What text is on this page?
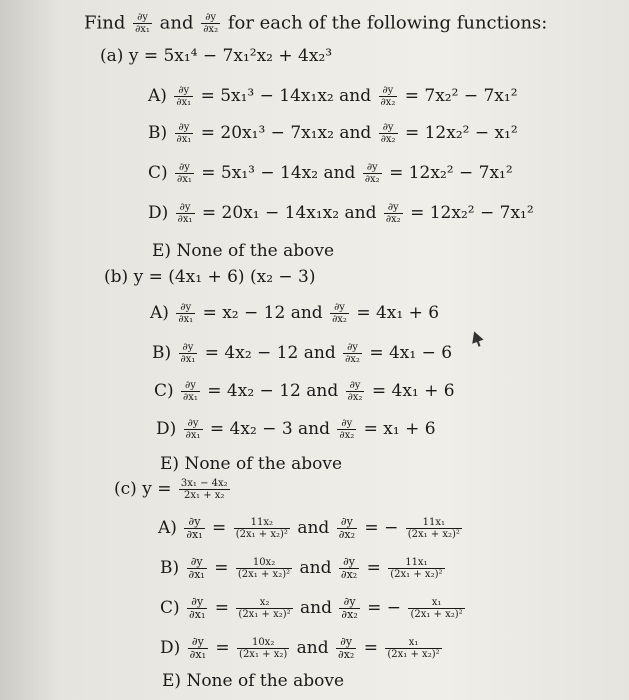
Find $\frac{\partial y}{\text{∂x₁}}$ and $\frac{\partial y}{\text{∂x₂}}$ for each of the following functions:
(a) y = 5x₁⁴ − 7x₁²x₂ + 4x₂³
$A) \frac{\partial y}{\text{∂x₁}} = 5x_1^3 - 14x_1x_2$ and $\frac{\partial y}{\text{∂x₂}} = 7x_2^2 - 7x_1^2$
$B) \frac{\partial y}{\text{∂x₁}} = 20x_1^3 - 7x_1x_2$ and $\frac{\partial y}{\text{∂x₂}} = 12x_2^2 - x_1^2$
$C) \frac{\partial y}{\text{∂x₁}} = 5x_1^3 - 14x_2$ and $\frac{\partial y}{\text{∂x₂}} = 12x_2^2 - 7x_1^2$
$D) \frac{\partial y}{\text{∂x₁}} = 20x_1 - 14x_1x_2$ and $\frac{\partial y}{\text{∂x₂}} = 12x_2^2 - 7x_1^2$
E) None of the above
(b) y = (4x₁ + 6) (x₂ − 3)
$A) \frac{\partial y}{\text{∂x₁}} = x_2 - 12$ and $\frac{\partial y}{\text{∂x₂}} = 4x_1 + 6$
$B) \frac{\partial y}{\text{∂x₁}} = 4x_2 - 12$ and $\frac{\partial y}{\text{∂x₂}} = 4x_1 - 6$
$C) \frac{\partial y}{\text{∂x₁}} = 4x_2 - 12$ and $\frac{\partial y}{\text{∂x₂}} = 4x_1 + 6$
$D) \frac{\partial y}{\text{∂x₁}} = 4x_2 - 3$ and $\frac{\partial y}{\text{∂x₂}} = x_1 + 6$
E) None of the above
(c) $y = \frac{\text{3x₁ − 4x₂}}{\text{2x₁ + x₂}}$
$A) \frac{\partial y}{\text{∂x₁}} = \frac{\text{11x₂}}{\text{(2x₁ + x₂)²}}$ and $\frac{\partial y}{\text{∂x₂}}$ = − $\frac{\text{11x₁}}{\text{(2x₁ + x₂)²}}$
$B) \frac{\partial y}{\text{∂x₁}} = \frac{\text{10x₂}}{\text{(2x₁ + x₂)²}}$ and $\frac{\partial y}{\text{∂x₂}} = \frac{\text{11x₁}}{\text{(2x₁ + x₂)²}}$
$C) \frac{\partial y}{\text{∂x₁}} = \frac{\text{x₂}}{\text{(2x₁ + x₂)²}}$ and $\frac{\partial y}{\text{∂x₂}}$ = − $\frac{\text{x₁}}{\text{(2x₁ + x₂)²}}$
$D) \frac{\partial y}{\text{∂x₁}} = \frac{\text{10x₂}}{\text{(2x₁ + x₂)}}$ and $\frac{\partial y}{\text{∂x₂}} = \frac{\text{x₁}}{\text{(2x₁ + x₂)²}}$
E) None of the above
